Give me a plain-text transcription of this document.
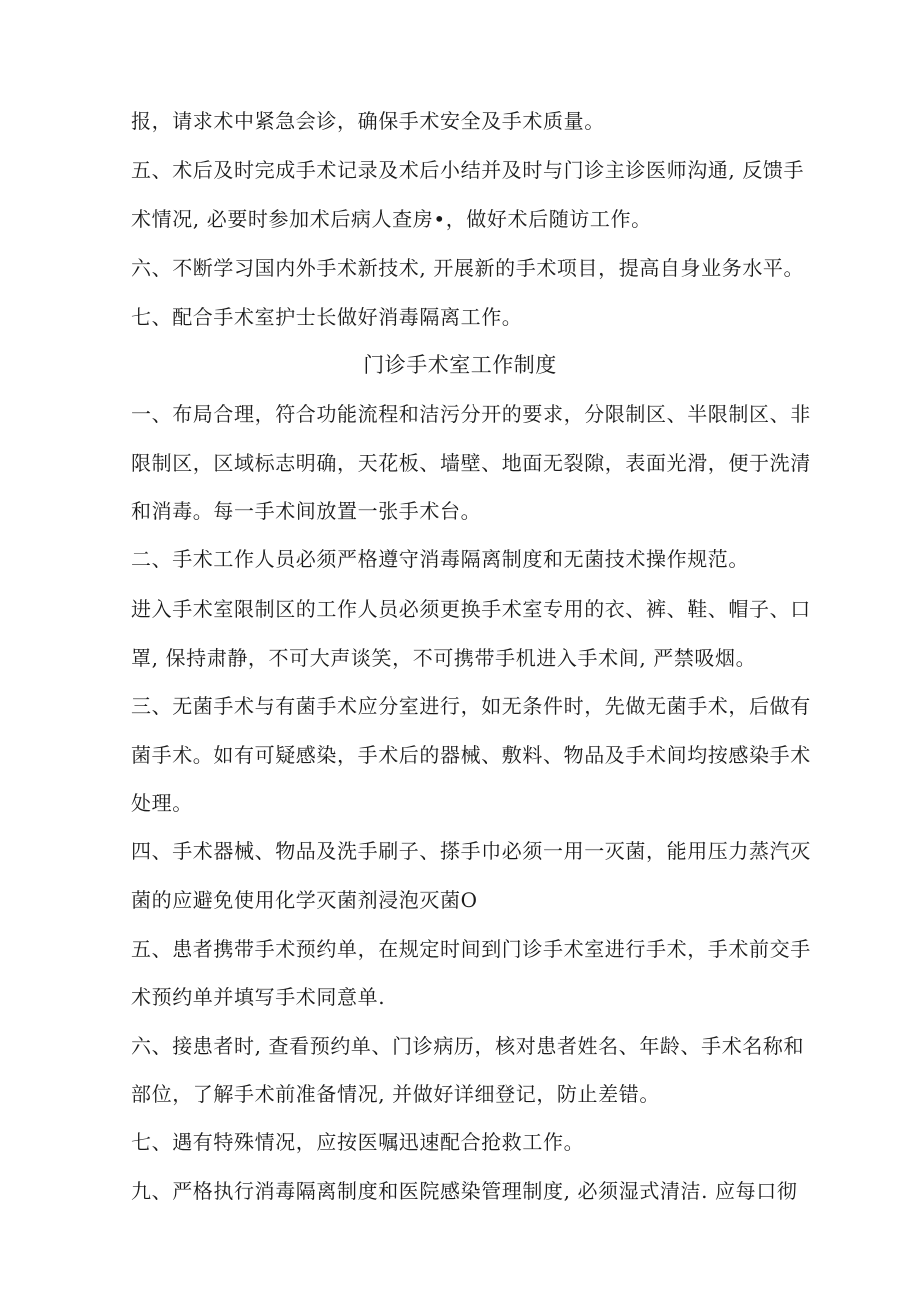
报，请求术中紧急会诊，确保手术安全及手术质量。
五、术后及时完成手术记录及术后小结并及时与门诊主诊医师沟通, 反馈手
术情况, 必要时参加术后病人查房•，做好术后随访工作。
六、不断学习国内外手术新技术, 开展新的手术项目，提高自身业务水平。
七、配合手术室护士长做好消毒隔离工作。
门诊手术室工作制度
一、布局合理，符合功能流程和洁污分开的要求，分限制区、半限制区、非
限制区，区域标志明确，天花板、墙壁、地面无裂隙，表面光滑，便于洗清
和消毒。每一手术间放置一张手术台。
二、手术工作人员必须严格遵守消毒隔离制度和无菌技术操作规范。
进入手术室限制区的工作人员必须更换手术室专用的衣、裤、鞋、帽子、口
罩, 保持肃静，不可大声谈笑，不可携带手机进入手术间, 严禁吸烟。
三、无菌手术与有菌手术应分室进行，如无条件时，先做无菌手术，后做有
菌手术。如有可疑感染，手术后的器械、敷料、物品及手术间均按感染手术
处理。
四、手术器械、物品及洗手刷子、搽手巾必须一用一灭菌，能用压力蒸汽灭
菌的应避免使用化学灭菌剂浸泡灭菌O
五、患者携带手术预约单，在规定时间到门诊手术室进行手术，手术前交手
术预约单并填写手术同意单.
六、接患者时, 查看预约单、门诊病历，核对患者姓名、年龄、手术名称和
部位，了解手术前准备情况, 并做好详细登记，防止差错。
七、遇有特殊情况，应按医嘱迅速配合抢救工作。
九、严格执行消毒隔离制度和医院感染管理制度, 必须湿式清洁. 应每口彻
